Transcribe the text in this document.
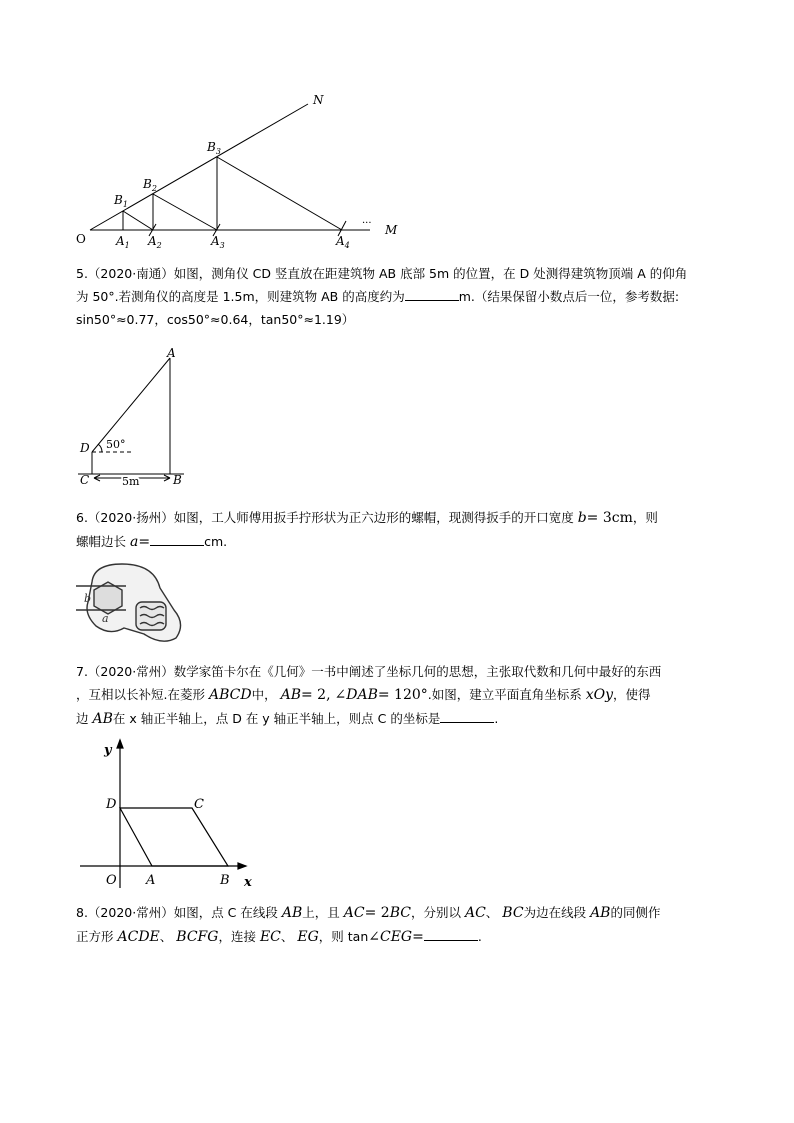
N
M
···
O
$B_1$
$B_2$
$B_3$
$A_1$ $A_2$	$A_3$	$A_4$
5.（2020·南通）如图，测角仪 CD 竖直放在距建筑物 AB 底部 5m 的位置，在 D 处测得建筑物顶端 A 的仰角
为 50°.若测角仪的高度是 1.5m，则建筑物 AB 的高度约为	m.（结果保留小数点后一位，参考数据:
sin50°≈0.77，cos50°≈0.64，tan50°≈1.19）
A
D 50°
C	5m	B
6.（2020·扬州）如图，工人师傅用扳手拧形状为正六边形的螺帽，现测得扳手的开口宽度 b= 3cm，则
螺帽边长 a=	cm.
b
a
7.（2020·常州）数学家笛卡尔在《几何》一书中阐述了坐标几何的思想，主张取代数和几何中最好的东西
，互相以长补短.在菱形 ABCD中， AB= 2, ∠DAB= 120°.如图，建立平面直角坐标系 xOy，使得
边 AB在 x 轴正半轴上，点 D 在 y 轴正半轴上，则点 C 的坐标是	.
y
x
O
D	C
A	B
8.（2020·常州）如图，点 C 在线段 AB上，且 AC= 2BC，分别以 AC、 BC为边在线段 AB的同侧作
正方形 ACDE、 BCFG，连接 EC、 EG，则 tan∠CEG=	.
